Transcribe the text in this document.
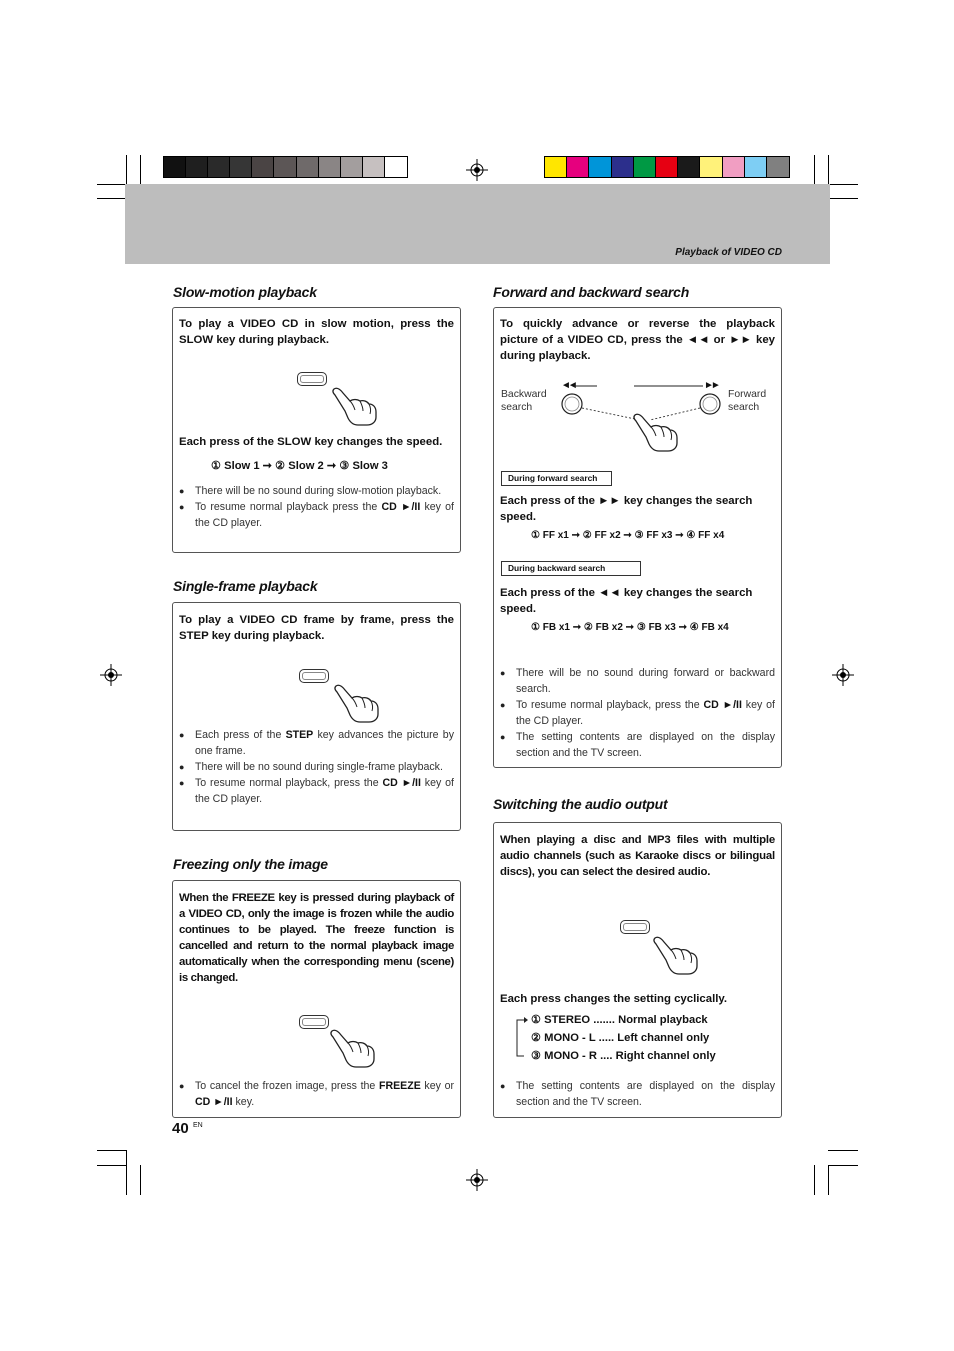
Playback of VIDEO CD
Slow-motion playback
To play a VIDEO CD in slow motion, press the SLOW key during playback.
Each press of the SLOW key changes the speed.
① Slow 1 ➞ ② Slow 2 ➞ ③ Slow 3
● There will be no sound during slow-motion playback.
● To resume normal playback press the CD ►/II key of the CD player.
Single-frame playback
To play a VIDEO CD frame by frame, press the STEP key during playback.
● Each press of the STEP key advances the picture by one frame.
● There will be no sound during single-frame playback.
● To resume normal playback, press the CD ►/II key of the CD player.
Freezing only the image
When the FREEZE key is pressed during playback of a VIDEO CD, only the image is frozen while the audio continues to be played. The freeze function is cancelled and return to the normal playback image automatically when the corresponding menu (scene) is changed.
● To cancel the frozen image, press the FREEZE key or CD ►/II key.
Forward and backward search
To quickly advance or reverse the playback picture of a VIDEO CD, press the ◄◄ or ►► key during playback.
Backward search
Forward search
◄◄	►►
During forward search
Each press of the ►► key changes the search speed.
① FF x1 ➞ ② FF x2 ➞ ③ FF x3 ➞ ④ FF x4
During backward search
Each press of the ◄◄ key changes the search speed.
① FB x1 ➞ ② FB x2 ➞ ③ FB x3 ➞ ④ FB x4
● There will be no sound during forward or backward search.
● To resume normal playback, press the CD ►/II key of the CD player.
● The setting contents are displayed on the display section and the TV screen.
Switching the audio output
When playing a disc and MP3 files with multiple audio channels (such as Karaoke discs or bilingual discs), you can select the desired audio.
Each press changes the setting cyclically.
① STEREO ....... Normal playback
② MONO - L ..... Left channel only
③ MONO - R .... Right channel only
● The setting contents are displayed on the display section and the TV screen.
40 EN
